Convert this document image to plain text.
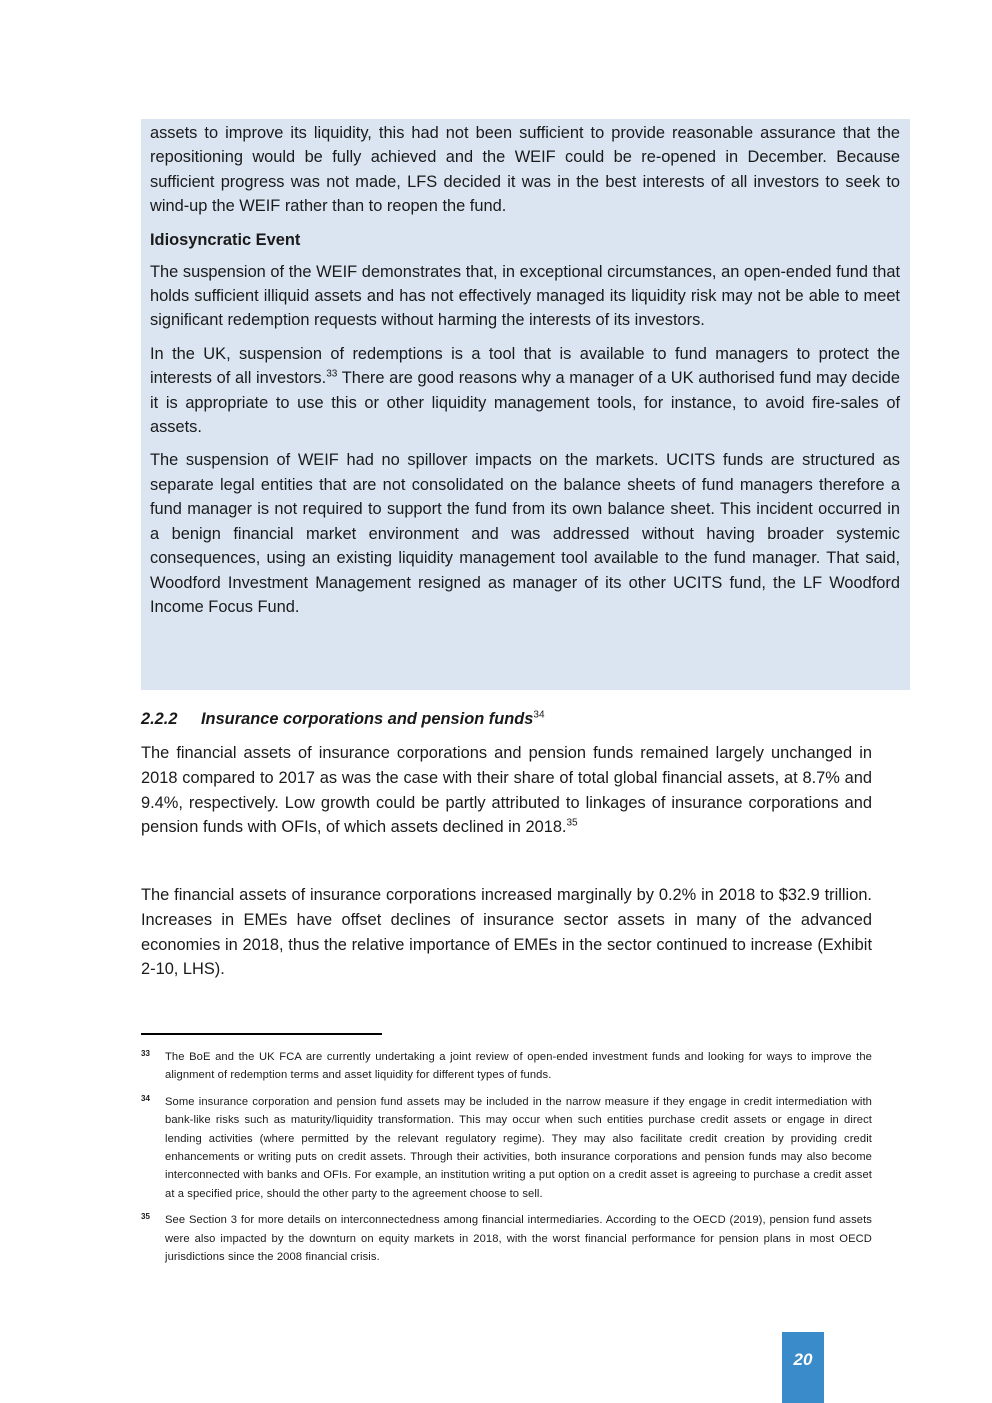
assets to improve its liquidity, this had not been sufficient to provide reasonable assurance that the repositioning would be fully achieved and the WEIF could be re-opened in December. Because sufficient progress was not made, LFS decided it was in the best interests of all investors to seek to wind-up the WEIF rather than to reopen the fund.

Idiosyncratic Event

The suspension of the WEIF demonstrates that, in exceptional circumstances, an open-ended fund that holds sufficient illiquid assets and has not effectively managed its liquidity risk may not be able to meet significant redemption requests without harming the interests of its investors.

In the UK, suspension of redemptions is a tool that is available to fund managers to protect the interests of all investors.$^{33}$ There are good reasons why a manager of a UK authorised fund may decide it is appropriate to use this or other liquidity management tools, for instance, to avoid fire-sales of assets.

The suspension of WEIF had no spillover impacts on the markets. UCITS funds are structured as separate legal entities that are not consolidated on the balance sheets of fund managers therefore a fund manager is not required to support the fund from its own balance sheet. This incident occurred in a benign financial market environment and was addressed without having broader systemic consequences, using an existing liquidity management tool available to the fund manager. That said, Woodford Investment Management resigned as manager of its other UCITS fund, the LF Woodford Income Focus Fund.

2.2.2 Insurance corporations and pension funds$^{34}$

The financial assets of insurance corporations and pension funds remained largely unchanged in 2018 compared to 2017 as was the case with their share of total global financial assets, at 8.7% and 9.4%, respectively. Low growth could be partly attributed to linkages of insurance corporations and pension funds with OFIs, of which assets declined in 2018.35

The financial assets of insurance corporations increased marginally by 0.2% in 2018 to $32.9 trillion. Increases in EMEs have offset declines of insurance sector assets in many of the advanced economies in 2018, thus the relative importance of EMEs in the sector continued to increase (Exhibit 2-10, LHS).

33	The BoE and the UK FCA are currently undertaking a joint review of open-ended investment funds and looking for ways to improve the alignment of redemption terms and asset liquidity for different types of funds.
34	Some insurance corporation and pension fund assets may be included in the narrow measure if they engage in credit intermediation with bank-like risks such as maturity/liquidity transformation. This may occur when such entities purchase credit assets or engage in direct lending activities (where permitted by the relevant regulatory regime). They may also facilitate credit creation by providing credit enhancements or writing puts on credit assets. Through their activities, both insurance corporations and pension funds may also become interconnected with banks and OFIs. For example, an institution writing a put option on a credit asset is agreeing to purchase a credit asset at a specified price, should the other party to the agreement choose to sell.
35	See Section 3 for more details on interconnectedness among financial intermediaries. According to the OECD (2019), pension fund assets were also impacted by the downturn on equity markets in 2018, with the worst financial performance for pension plans in most OECD jurisdictions since the 2008 financial crisis.
20
